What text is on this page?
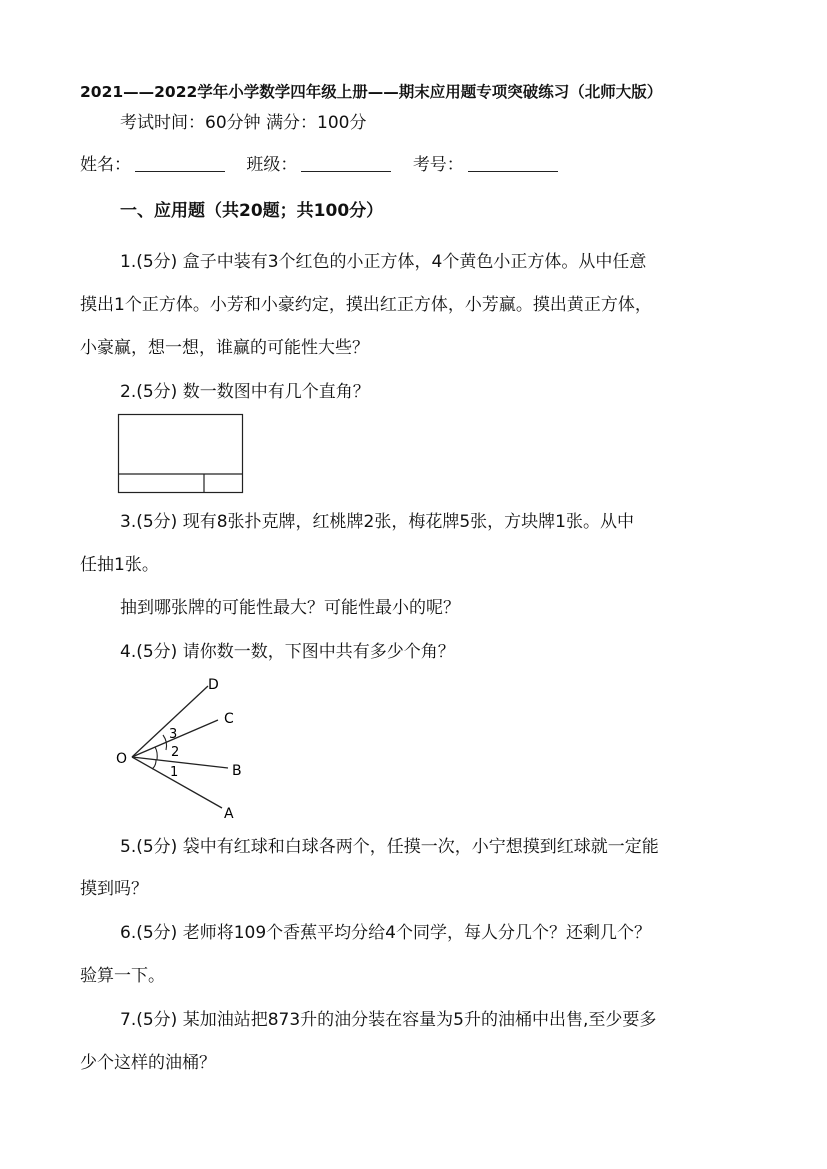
2021——2022学年小学数学四年级上册——期末应用题专项突破练习（北师大版）
考试时间：60分钟 满分：100分
姓名：	班级：	考号：
一、应用题（共20题；共100分）
1.(5分) 盒子中装有3个红色的小正方体，4个黄色小正方体。从中任意
摸出1个正方体。小芳和小豪约定，摸出红正方体，小芳赢。摸出黄正方体，
小豪赢，想一想，谁赢的可能性大些？
2.(5分) 数一数图中有几个直角？
3.(5分) 现有8张扑克牌，红桃牌2张，梅花牌5张，方块牌1张。从中
任抽1张。
抽到哪张牌的可能性最大？可能性最小的呢？
4.(5分) 请你数一数，下图中共有多少个角？
O
D
C
B
A
3
2
1
5.(5分) 袋中有红球和白球各两个，任摸一次，小宁想摸到红球就一定能
摸到吗？
6.(5分) 老师将109个香蕉平均分给4个同学，每人分几个？还剩几个？
验算一下。
7.(5分) 某加油站把873升的油分装在容量为5升的油桶中出售,至少要多
少个这样的油桶？
